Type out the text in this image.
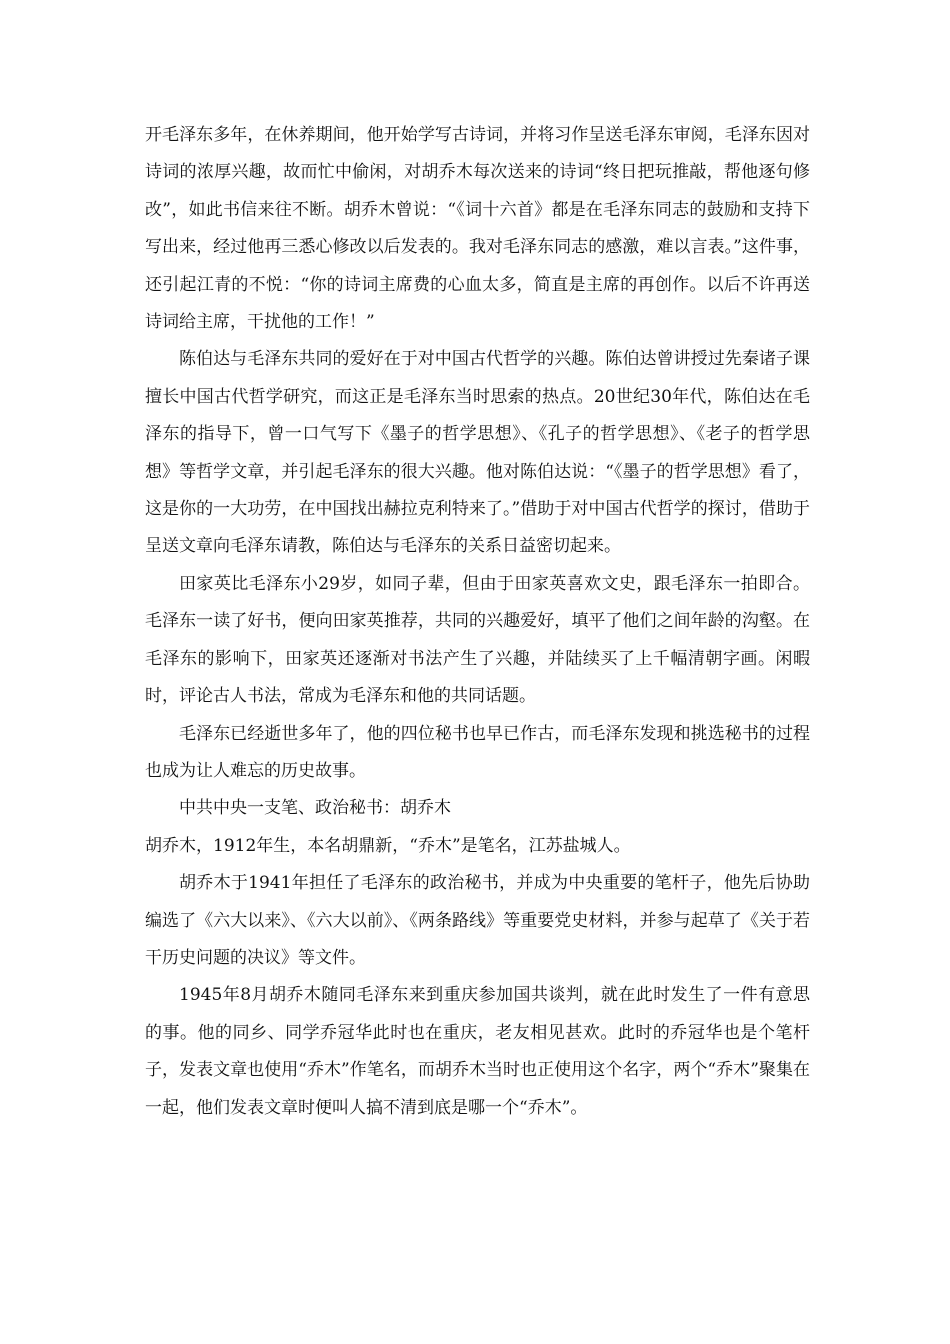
开毛泽东多年，在休养期间，他开始学写古诗词，并将习作呈送毛泽东审阅，毛泽东因对诗词的浓厚兴趣，故而忙中偷闲，对胡乔木每次送来的诗词“终日把玩推敲，帮他逐句修改”，如此书信来往不断。胡乔木曾说：“《词十六首》都是在毛泽东同志的鼓励和支持下写出来，经过他再三悉心修改以后发表的。我对毛泽东同志的感激，难以言表。”这件事，还引起江青的不悦：“你的诗词主席费的心血太多，简直是主席的再创作。以后不许再送诗词给主席，干扰他的工作！”

陈伯达与毛泽东共同的爱好在于对中国古代哲学的兴趣。陈伯达曾讲授过先秦诸子课擅长中国古代哲学研究，而这正是毛泽东当时思索的热点。20世纪30年代，陈伯达在毛泽东的指导下，曾一口气写下《墨子的哲学思想》、《孔子的哲学思想》、《老子的哲学思想》等哲学文章，并引起毛泽东的很大兴趣。他对陈伯达说：“《墨子的哲学思想》看了，这是你的一大功劳，在中国找出赫拉克利特来了。”借助于对中国古代哲学的探讨，借助于呈送文章向毛泽东请教，陈伯达与毛泽东的关系日益密切起来。

田家英比毛泽东小29岁，如同子辈，但由于田家英喜欢文史，跟毛泽东一拍即合。毛泽东一读了好书，便向田家英推荐，共同的兴趣爱好，填平了他们之间年龄的沟壑。在毛泽东的影响下，田家英还逐渐对书法产生了兴趣，并陆续买了上千幅清朝字画。闲暇时，评论古人书法，常成为毛泽东和他的共同话题。

毛泽东已经逝世多年了，他的四位秘书也早已作古，而毛泽东发现和挑选秘书的过程也成为让人难忘的历史故事。

中共中央一支笔、政治秘书：胡乔木

胡乔木，1912年生，本名胡鼎新，“乔木”是笔名，江苏盐城人。

胡乔木于1941年担任了毛泽东的政治秘书，并成为中央重要的笔杆子，他先后协助编选了《六大以来》、《六大以前》、《两条路线》等重要党史材料，并参与起草了《关于若干历史问题的决议》等文件。

1945年8月胡乔木随同毛泽东来到重庆参加国共谈判，就在此时发生了一件有意思的事。他的同乡、同学乔冠华此时也在重庆，老友相见甚欢。此时的乔冠华也是个笔杆子，发表文章也使用“乔木”作笔名，而胡乔木当时也正使用这个名字，两个“乔木”聚集在一起，他们发表文章时便叫人搞不清到底是哪一个“乔木”。
